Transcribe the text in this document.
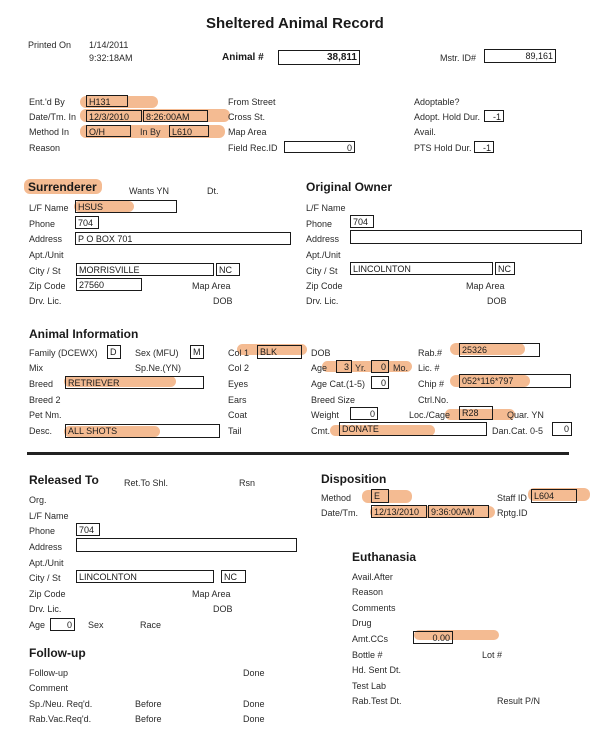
Sheltered Animal Record
Printed On 1/14/2011
9:32:18AM	Animal #	38,811	Mstr. ID#	89,161
Ent.'d By	H131
Date/Tm. In	12/3/2010	8:26:00AM
Method In	O/H	In By	L610
Reason
From Street
Cross St.
Map Area
Field Rec.ID	0
Adoptable?
Adopt. Hold Dur.	-1
Avail.
PTS Hold Dur.	-1
Surrenderer	Wants YN	Dt.
L/F Name	HSUS
Phone	704
Address	P O BOX 701
Apt./Unit
City / St	MORRISVILLE	NC
Zip Code	27560	Map Area
Drv. Lic.	DOB
Original Owner
L/F Name
Phone	704
Address
Apt./Unit
City / St	LINCOLNTON	NC
Zip Code	Map Area
Drv. Lic.	DOB
Animal Information
Family (DCEWX)	D	Sex (MFU)	M
Mix	Sp.Ne.(YN)
Breed	RETRIEVER
Breed 2
Pet Nm.
Desc.	ALL SHOTS
Col 1	BLK
Col 2
Eyes
Ears
Coat
Tail
DOB
Age	3 Yr.	0 Mo.
Age Cat.(1-5)	0
Breed Size
Weight	0
Cmt.	DONATE
Rab.#	25326
Lic. #
Chip #	052*116*797
Ctrl.No.
Loc./Cage	R28	Quar. YN
Dan.Cat. 0-5	0
Released To	Ret.To Shl.	Rsn
Org.
L/F Name
Phone	704
Address
Apt./Unit
City / St	LINCOLNTON	NC
Zip Code	Map Area
Drv. Lic.	DOB
Age	0	Sex	Race
Disposition
Method	E	Staff ID L604
Date/Tm.	12/13/2010	9:36:00AM	Rptg.ID
Euthanasia
Avail.After
Reason
Comments
Drug
Amt.CCs	0.00
Bottle #	Lot #
Hd. Sent Dt.
Test Lab
Rab.Test Dt.	Result P/N
Follow-up
Follow-up	Done
Comment
Sp./Neu. Req'd.	Before	Done
Rab.Vac.Req'd.	Before	Done
